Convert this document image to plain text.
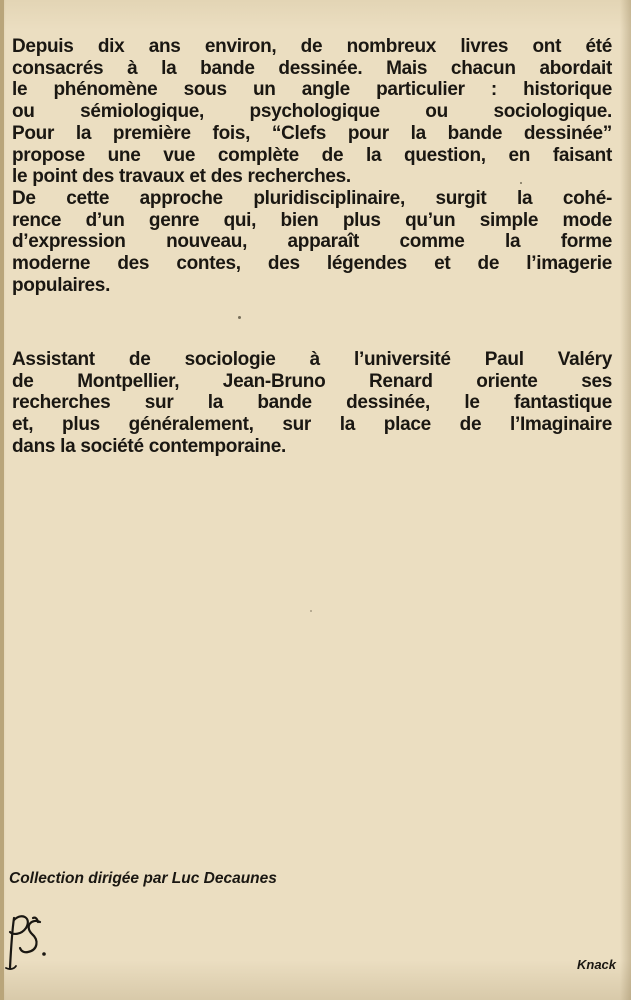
Depuis dix ans environ, de nombreux livres ont été
consacrés à la bande dessinée. Mais chacun abordait
le phénomène sous un angle particulier : historique
ou sémiologique, psychologique ou sociologique.
Pour la première fois, “Clefs pour la bande dessinée”
propose une vue complète de la question, en faisant
le point des travaux et des recherches.
De cette approche pluridisciplinaire, surgit la cohé-
rence d’un genre qui, bien plus qu’un simple mode
d’expression nouveau, apparaît comme la forme
moderne des contes, des légendes et de l’imagerie
populaires.
Assistant de sociologie à l’université Paul Valéry
de Montpellier, Jean-Bruno Renard oriente ses
recherches sur la bande dessinée, le fantastique
et, plus généralement, sur la place de l’Imaginaire
dans la société contemporaine.
Collection dirigée par Luc Decaunes
Knack
